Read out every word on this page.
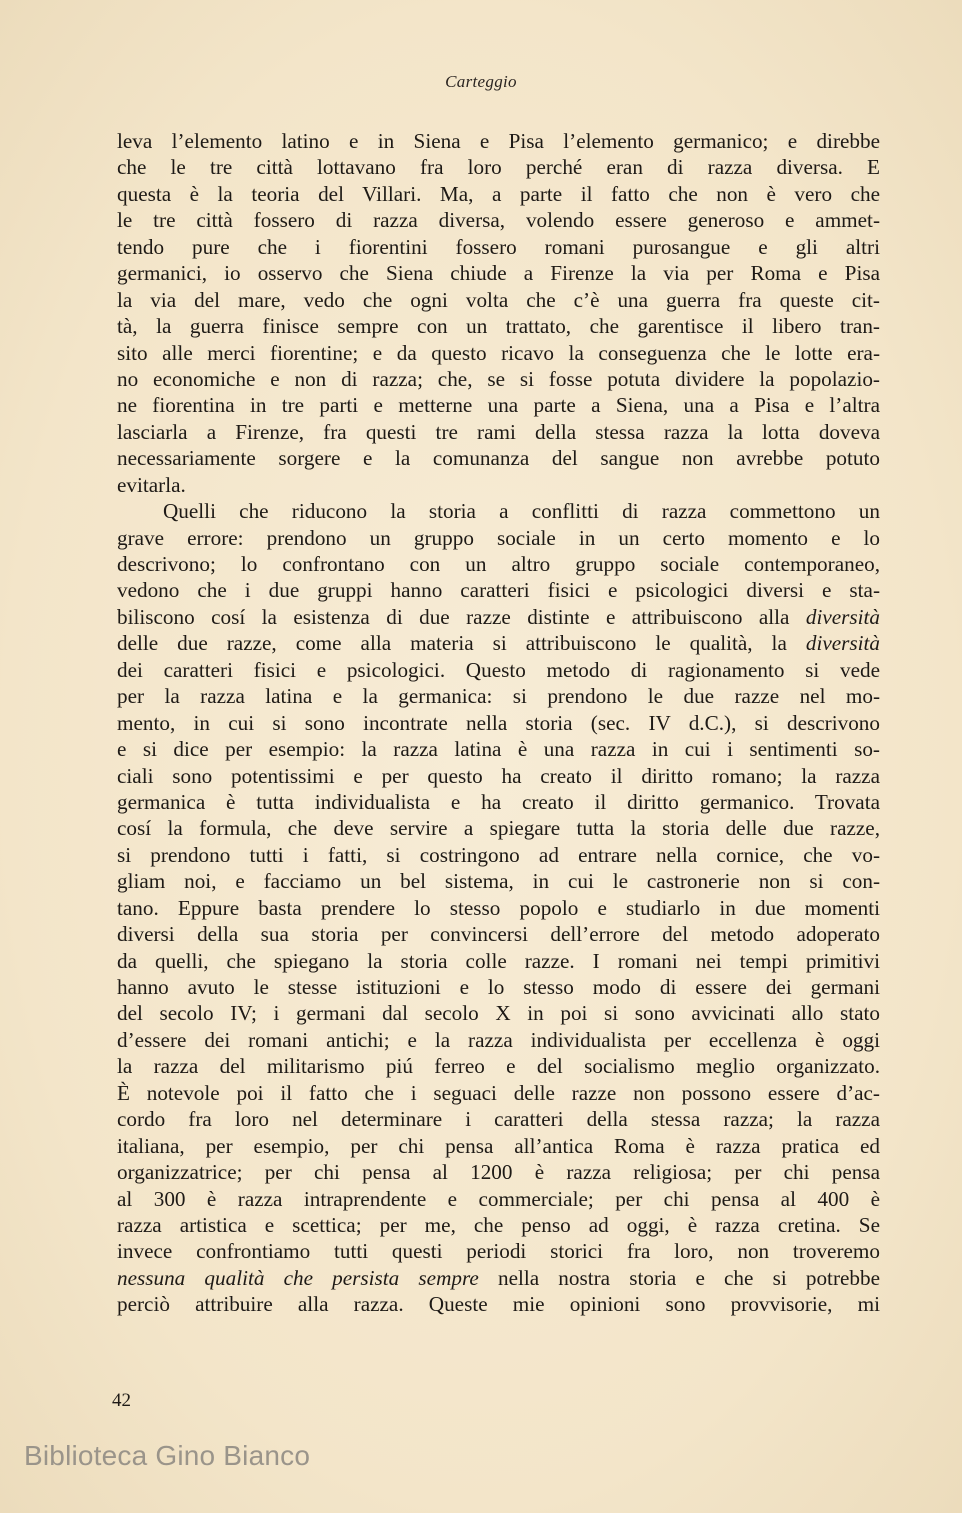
Carteggio

leva l’elemento latino e in Siena e Pisa l’elemento germanico; e direbbe
che le tre città lottavano fra loro perché eran di razza diversa. E
questa è la teoria del Villari. Ma, a parte il fatto che non è vero che
le tre città fossero di razza diversa, volendo essere generoso e ammet-
tendo pure che i fiorentini fossero romani purosangue e gli altri
germanici, io osservo che Siena chiude a Firenze la via per Roma e Pisa
la via del mare, vedo che ogni volta che c’è una guerra fra queste cit-
tà, la guerra finisce sempre con un trattato, che garentisce il libero tran-
sito alle merci fiorentine; e da questo ricavo la conseguenza che le lotte era-
no economiche e non di razza; che, se si fosse potuta dividere la popolazio-
ne fiorentina in tre parti e metterne una parte a Siena, una a Pisa e l’altra
lasciarla a Firenze, fra questi tre rami della stessa razza la lotta doveva
necessariamente sorgere e la comunanza del sangue non avrebbe potuto
evitarla.

Quelli che riducono la storia a conflitti di razza commettono un
grave errore: prendono un gruppo sociale in un certo momento e lo
descrivono; lo confrontano con un altro gruppo sociale contemporaneo,
vedono che i due gruppi hanno caratteri fisici e psicologici diversi e sta-
biliscono cosí la esistenza di due razze distinte e attribuiscono alla diversità
delle due razze, come alla materia si attribuiscono le qualità, la diversità
dei caratteri fisici e psicologici. Questo metodo di ragionamento si vede
per la razza latina e la germanica: si prendono le due razze nel mo-
mento, in cui si sono incontrate nella storia (sec. IV d.C.), si descrivono
e si dice per esempio: la razza latina è una razza in cui i sentimenti so-
ciali sono potentissimi e per questo ha creato il diritto romano; la razza
germanica è tutta individualista e ha creato il diritto germanico. Trovata
cosí la formula, che deve servire a spiegare tutta la storia delle due razze,
si prendono tutti i fatti, si costringono ad entrare nella cornice, che vo-
gliam noi, e facciamo un bel sistema, in cui le castronerie non si con-
tano. Eppure basta prendere lo stesso popolo e studiarlo in due momenti
diversi della sua storia per convincersi dell’errore del metodo adoperato
da quelli, che spiegano la storia colle razze. I romani nei tempi primitivi
hanno avuto le stesse istituzioni e lo stesso modo di essere dei germani
del secolo IV; i germani dal secolo X in poi si sono avvicinati allo stato
d’essere dei romani antichi; e la razza individualista per eccellenza è oggi
la razza del militarismo piú ferreo e del socialismo meglio organizzato.
È notevole poi il fatto che i seguaci delle razze non possono essere d’ac-
cordo fra loro nel determinare i caratteri della stessa razza; la razza
italiana, per esempio, per chi pensa all’antica Roma è razza pratica ed
organizzatrice; per chi pensa al 1200 è razza religiosa; per chi pensa
al 300 è razza intraprendente e commerciale; per chi pensa al 400 è
razza artistica e scettica; per me, che penso ad oggi, è razza cretina. Se
invece confrontiamo tutti questi periodi storici fra loro, non troveremo
nessuna qualità che persista sempre nella nostra storia e che si potrebbe
perciò attribuire alla razza. Queste mie opinioni sono provvisorie, mi

42
Biblioteca Gino Bianco
